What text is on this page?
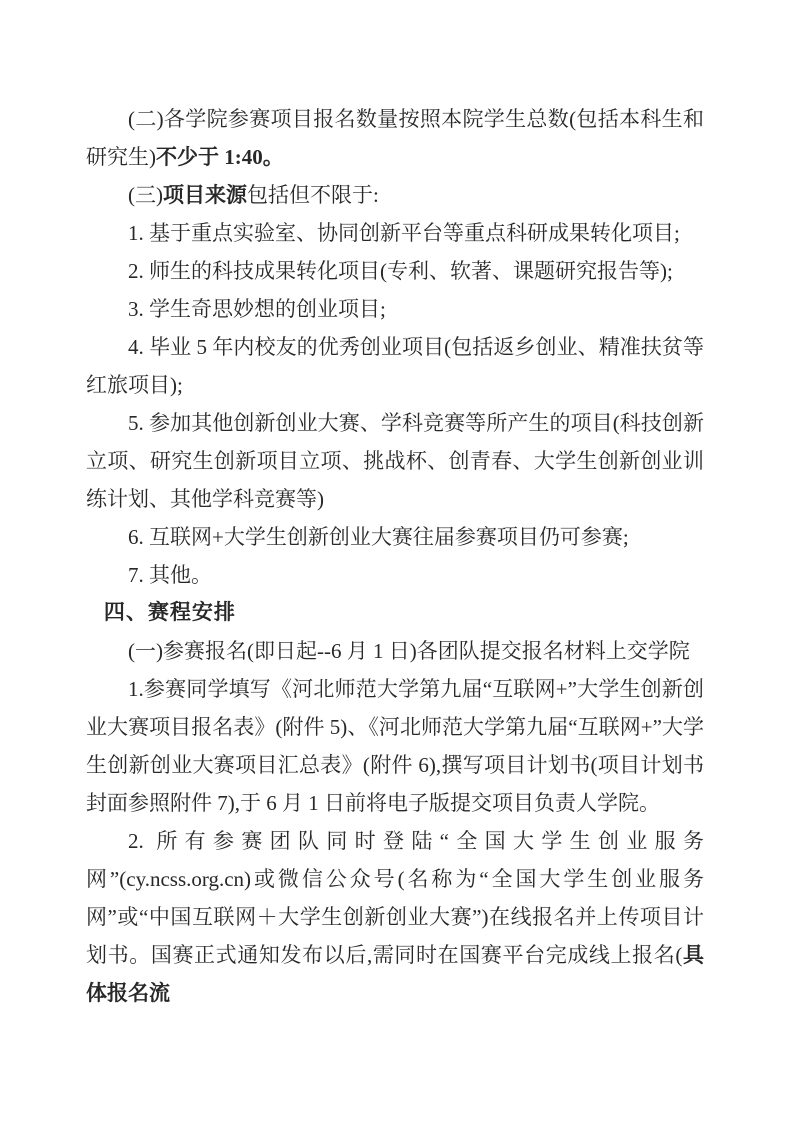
(二)各学院参赛项目报名数量按照本院学生总数(包括本科生和研究生)不少于 1:40。

(三)项目来源包括但不限于:

1. 基于重点实验室、协同创新平台等重点科研成果转化项目;

2. 师生的科技成果转化项目(专利、软著、课题研究报告等);

3. 学生奇思妙想的创业项目;

4. 毕业 5 年内校友的优秀创业项目(包括返乡创业、精准扶贫等红旅项目);

5. 参加其他创新创业大赛、学科竞赛等所产生的项目(科技创新立项、研究生创新项目立项、挑战杯、创青春、大学生创新创业训练计划、其他学科竞赛等)

6. 互联网+大学生创新创业大赛往届参赛项目仍可参赛;

7. 其他。

四、赛程安排

(一)参赛报名(即日起--6 月 1 日)各团队提交报名材料上交学院

1.参赛同学填写《河北师范大学第九届“互联网+”大学生创新创业大赛项目报名表》(附件 5)、《河北师范大学第九届“互联网+”大学生创新创业大赛项目汇总表》(附件 6),撰写项目计划书(项目计划书封面参照附件 7),于 6 月 1 日前将电子版提交项目负责人学院。

2. 所有参赛团队同时登陆“全国大学生创业服务网”(cy.ncss.org.cn)或微信公众号(名称为“全国大学生创业服务网”或“中国互联网＋大学生创新创业大赛”)在线报名并上传项目计划书。国赛正式通知发布以后,需同时在国赛平台完成线上报名(具体报名流
